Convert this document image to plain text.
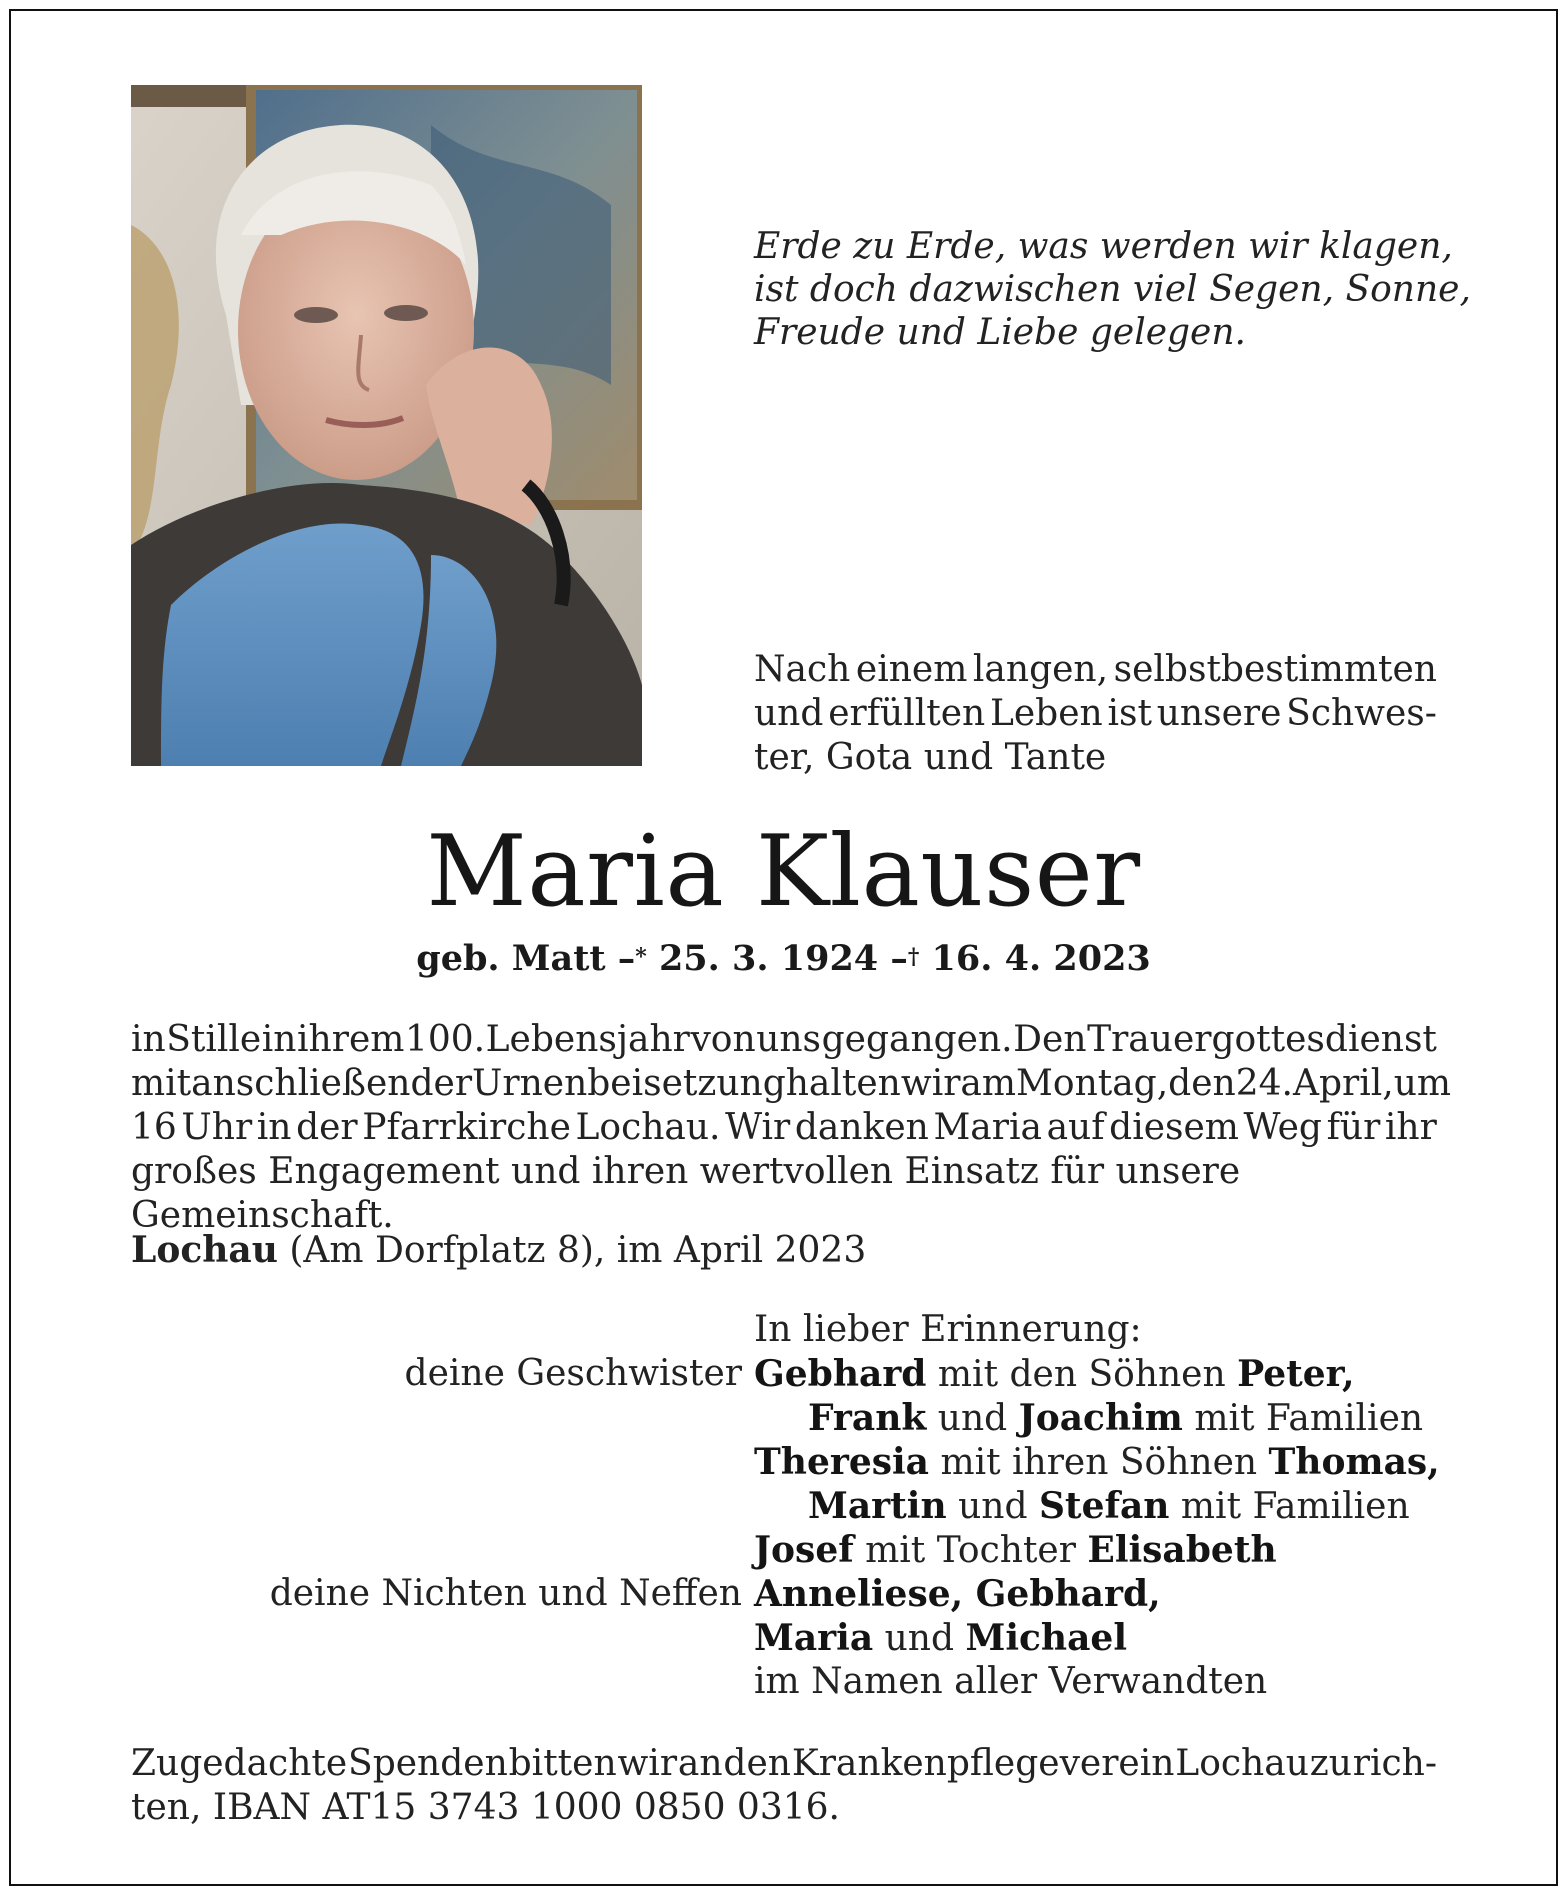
Erde zu Erde, was werden wir klagen,
ist doch dazwischen viel Segen, Sonne,
Freude und Liebe gelegen.
Nach einem langen, selbstbestimmten
und erfüllten Leben ist unsere Schwes-
ter, Gota und Tante
Maria Klauser
geb. Matt –* 25. 3. 1924 –† 16. 4. 2023
in Stille in ihrem 100. Lebensjahr von uns gegangen. Den Trauergottesdienst
mit anschließender Urnenbeisetzung halten wir am Montag, den 24. April, um
16 Uhr in der Pfarrkirche Lochau. Wir danken Maria auf diesem Weg für ihr
großes Engagement und ihren wertvollen Einsatz für unsere Gemeinschaft.
Lochau (Am Dorfplatz 8), im April 2023
In lieber Erinnerung:
deine Geschwister Gebhard mit den Söhnen Peter,
Frank und Joachim mit Familien
Theresia mit ihren Söhnen Thomas,
Martin und Stefan mit Familien
Josef mit Tochter Elisabeth
deine Nichten und Neffen Anneliese, Gebhard,
Maria und Michael
im Namen aller Verwandten
Zugedachte Spenden bitten wir an den Krankenpflegeverein Lochau zu rich-
ten, IBAN AT15 3743 1000 0850 0316.
